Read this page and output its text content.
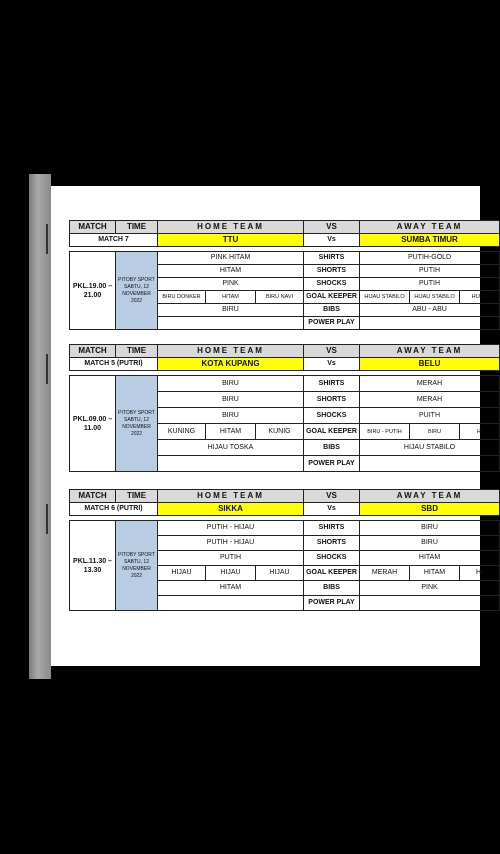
MATCH	TIME	HOME TEAM			VS	AWAY TEAM		
MATCH 7		TTU			Vs	SUMBA TIMUR		

PKL.19.00 – 21.00	PITOBY SPORT SABTU, 12 NOVEMBER 2022	PINK HITAM			SHIRTS	PUTIH-GOLD		
		HITAM			SHORTS	PUTIH		
		PINK			SHOCKS	PUTIH		
		BIRU DONKER	HITAM	BIRU NAVI	GOAL KEEPER	HIJAU STABILO	HIJAU STABILO	HIJAU
		BIRU			BIBS	ABU - ABU		
					POWER PLAY			
MATCH	TIME	HOME TEAM			VS	AWAY TEAM		
MATCH 5 (PUTRI)		KOTA KUPANG			Vs	BELU		

PKL.09.00 – 11.00	PITOBY SPORT SABTU, 12 NOVEMBER 2022	BIRU			SHIRTS	MERAH		
		BIRU			SHORTS	MERAH		
		BIRU			SHOCKS	PUITH		
		KUNING	HITAM	KUNIG	GOAL KEEPER	BIRU - PUTIH	BIRU	HI
		HIJAU TOSKA			BIBS	HIJAU STABILO		
					POWER PLAY			
MATCH	TIME	HOME TEAM			VS	AWAY TEAM		
MATCH 6 (PUTRI)		SIKKA			Vs	SBD		

PKL.11.30 – 13.30	PITOBY SPORT SABTU, 12 NOVEMBER 2022	PUTIH - HIJAU			SHIRTS	BIRU		
		PUTIH - HIJAU			SHORTS	BIRU		
		PUTIH			SHOCKS	HITAM		
		HIJAU	HIJAU	HIJAU	GOAL KEEPER	MERAH	HITAM	HI
		HITAM			BIBS	PINK		
					POWER PLAY			
